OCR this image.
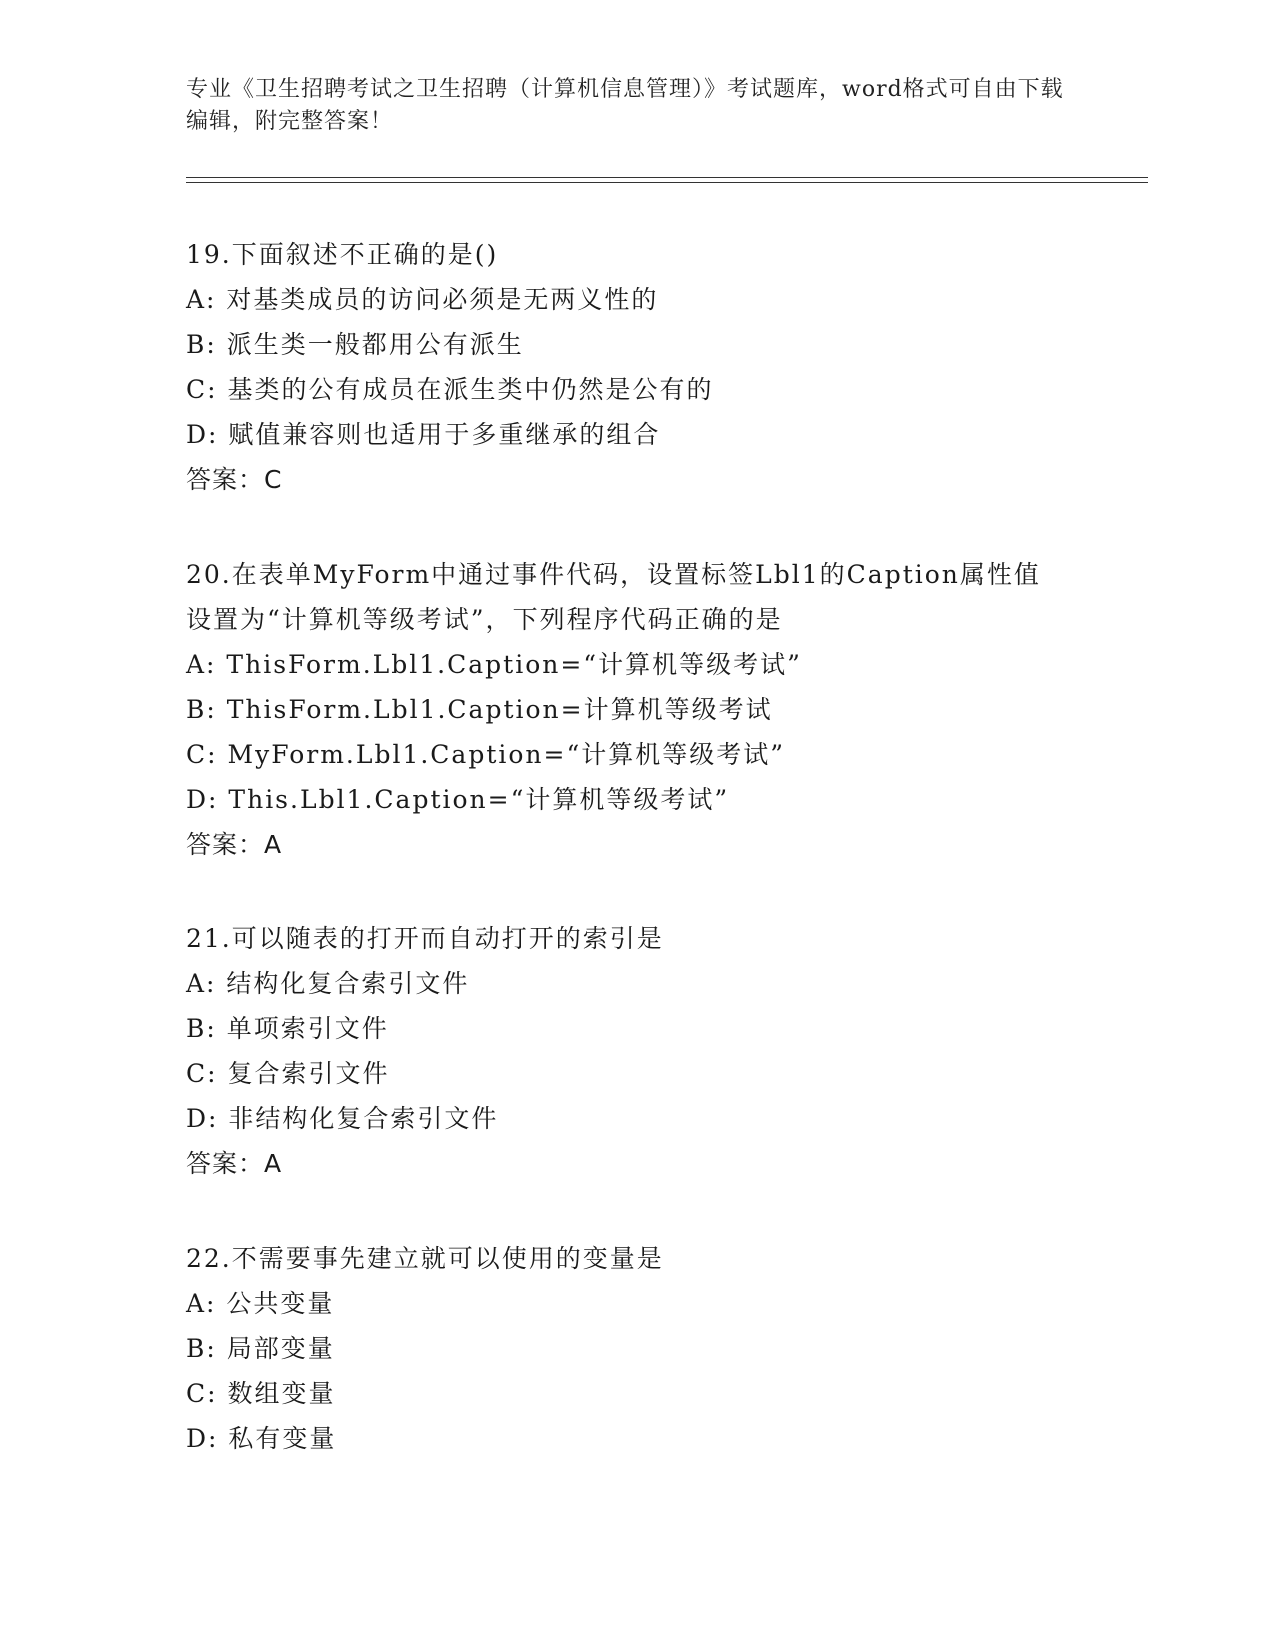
专业《卫生招聘考试之卫生招聘（计算机信息管理）》考试题库，word格式可自由下载编辑，附完整答案！
19.下面叙述不正确的是()
A: 对基类成员的访问必须是无两义性的
B: 派生类一般都用公有派生
C: 基类的公有成员在派生类中仍然是公有的
D: 赋值兼容则也适用于多重继承的组合
答案：C
20.在表单MyForm中通过事件代码，设置标签Lbl1的Caption属性值设置为“计算机等级考试”，下列程序代码正确的是
A: ThisForm.Lbl1.Caption=“计算机等级考试”
B: ThisForm.Lbl1.Caption=计算机等级考试
C: MyForm.Lbl1.Caption=“计算机等级考试”
D: This.Lbl1.Caption=“计算机等级考试”
答案：A
21.可以随表的打开而自动打开的索引是
A: 结构化复合索引文件
B: 单项索引文件
C: 复合索引文件
D: 非结构化复合索引文件
答案：A
22.不需要事先建立就可以使用的变量是
A: 公共变量
B: 局部变量
C: 数组变量
D: 私有变量
